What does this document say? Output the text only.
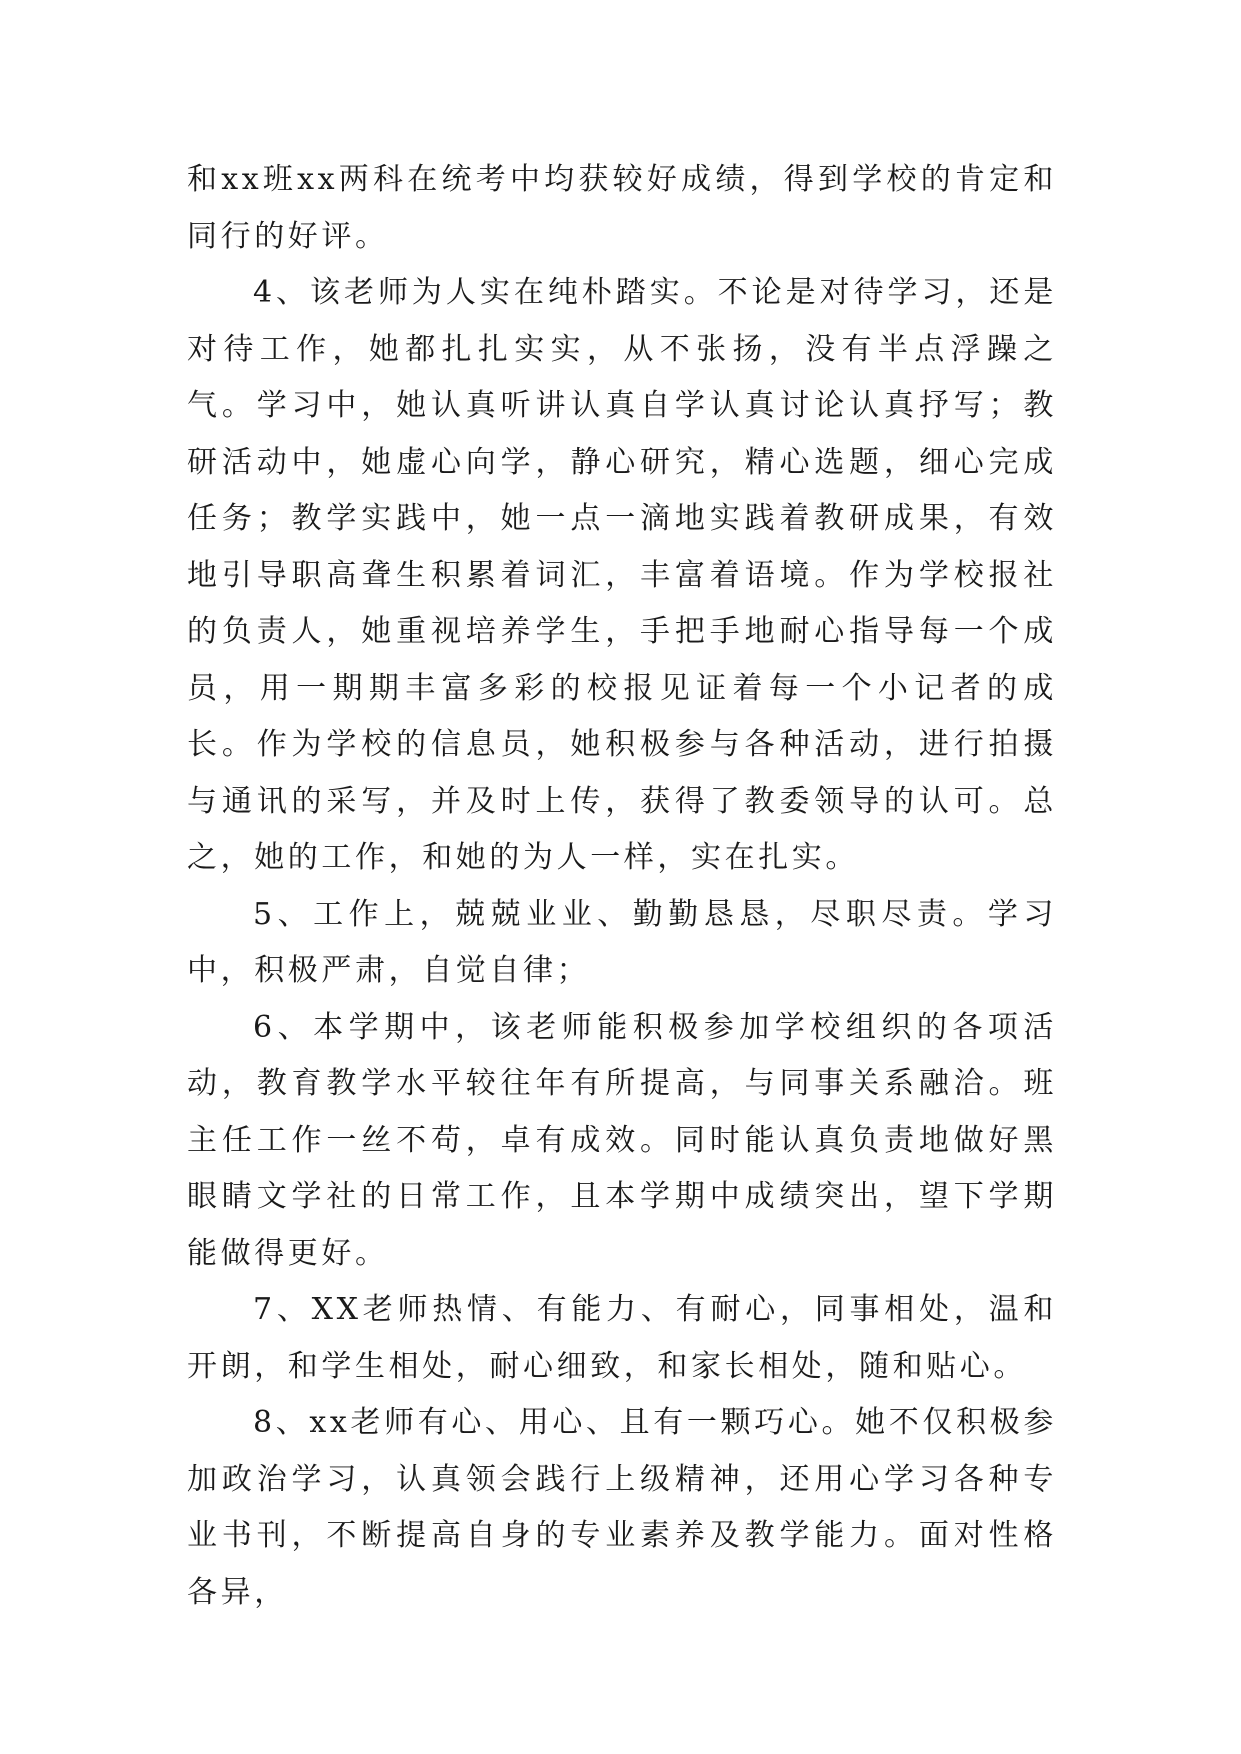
和xx班xx两科在统考中均获较好成绩，得到学校的肯定和同行的好评。

4、该老师为人实在纯朴踏实。不论是对待学习，还是对待工作，她都扎扎实实，从不张扬，没有半点浮躁之气。学习中，她认真听讲认真自学认真讨论认真抒写；教研活动中，她虚心向学，静心研究，精心选题，细心完成任务；教学实践中，她一点一滴地实践着教研成果，有效地引导职高聋生积累着词汇，丰富着语境。作为学校报社的负责人，她重视培养学生，手把手地耐心指导每一个成员，用一期期丰富多彩的校报见证着每一个小记者的成长。作为学校的信息员，她积极参与各种活动，进行拍摄与通讯的采写，并及时上传，获得了教委领导的认可。总之，她的工作，和她的为人一样，实在扎实。

5、工作上，兢兢业业、勤勤恳恳，尽职尽责。学习中，积极严肃，自觉自律；

6、本学期中，该老师能积极参加学校组织的各项活动，教育教学水平较往年有所提高，与同事关系融洽。班主任工作一丝不苟，卓有成效。同时能认真负责地做好黑眼睛文学社的日常工作，且本学期中成绩突出，望下学期能做得更好。

7、XX老师热情、有能力、有耐心，同事相处，温和开朗，和学生相处，耐心细致，和家长相处，随和贴心。

8、xx老师有心、用心、且有一颗巧心。她不仅积极参加政治学习，认真领会践行上级精神，还用心学习各种专业书刊，不断提高自身的专业素养及教学能力。面对性格各异，
